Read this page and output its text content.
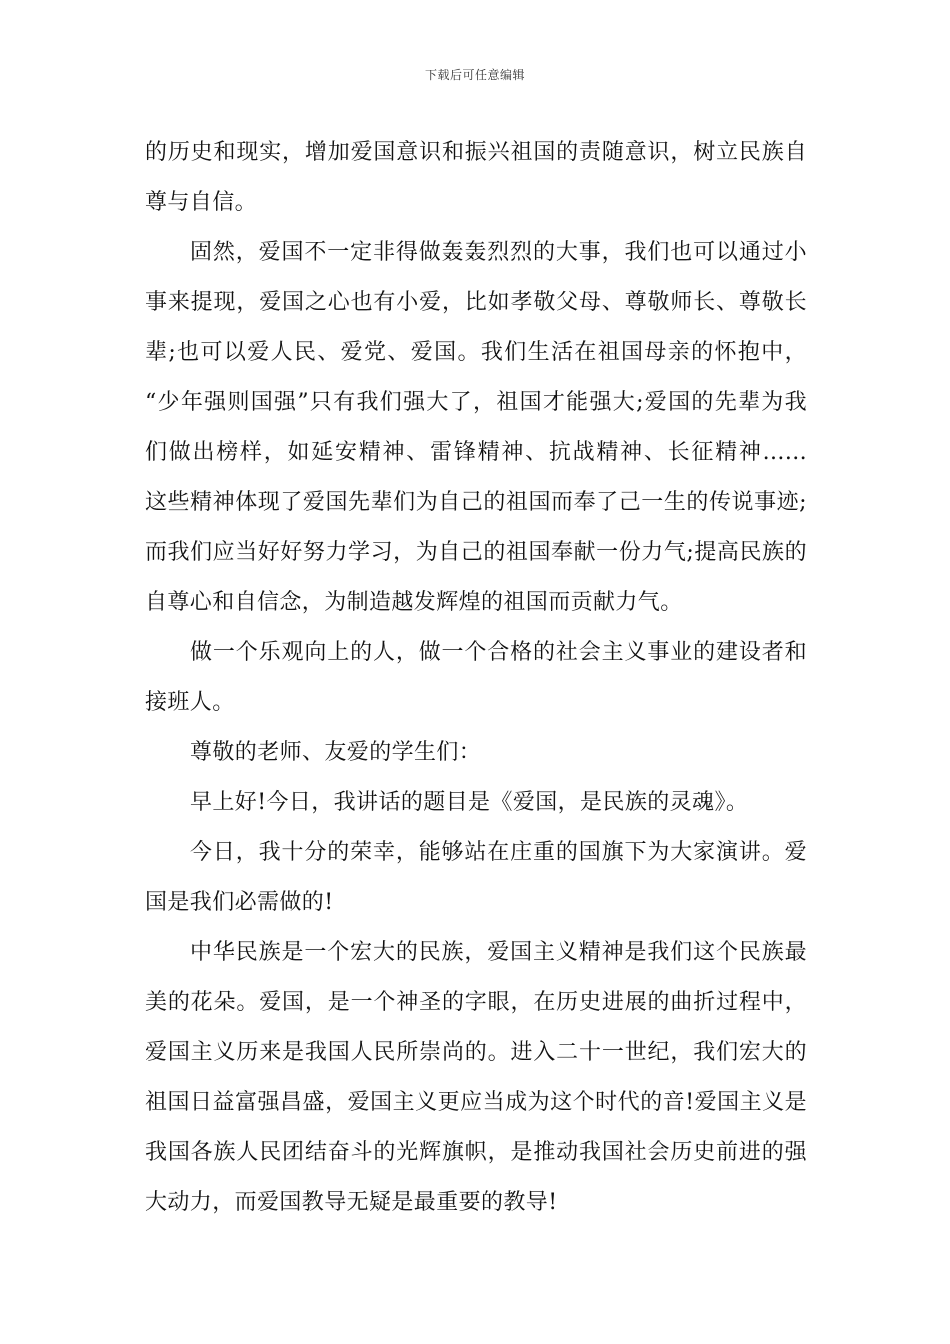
下载后可任意编辑
的历史和现实，增加爱国意识和振兴祖国的责随意识，树立民族自
尊与自信。
固然，爱国不一定非得做轰轰烈烈的大事，我们也可以通过小
事来提现，爱国之心也有小爱，比如孝敬父母、尊敬师长、尊敬长
辈;也可以爱人民、爱党、爱国。我们生活在祖国母亲的怀抱中，
“少年强则国强”只有我们强大了，祖国才能强大;爱国的先辈为我
们做出榜样，如延安精神、雷锋精神、抗战精神、长征精神......
这些精神体现了爱国先辈们为自己的祖国而奉了己一生的传说事迹;
而我们应当好好努力学习，为自己的祖国奉献一份力气;提高民族的
自尊心和自信念，为制造越发辉煌的祖国而贡献力气。
做一个乐观向上的人，做一个合格的社会主义事业的建设者和
接班人。
尊敬的老师、友爱的学生们：
早上好!今日，我讲话的题目是《爱国，是民族的灵魂》。
今日，我十分的荣幸，能够站在庄重的国旗下为大家演讲。爱
国是我们必需做的!
中华民族是一个宏大的民族，爱国主义精神是我们这个民族最
美的花朵。爱国，是一个神圣的字眼，在历史进展的曲折过程中，
爱国主义历来是我国人民所崇尚的。进入二十一世纪，我们宏大的
祖国日益富强昌盛，爱国主义更应当成为这个时代的音!爱国主义是
我国各族人民团结奋斗的光辉旗帜，是推动我国社会历史前进的强
大动力，而爱国教导无疑是最重要的教导!
